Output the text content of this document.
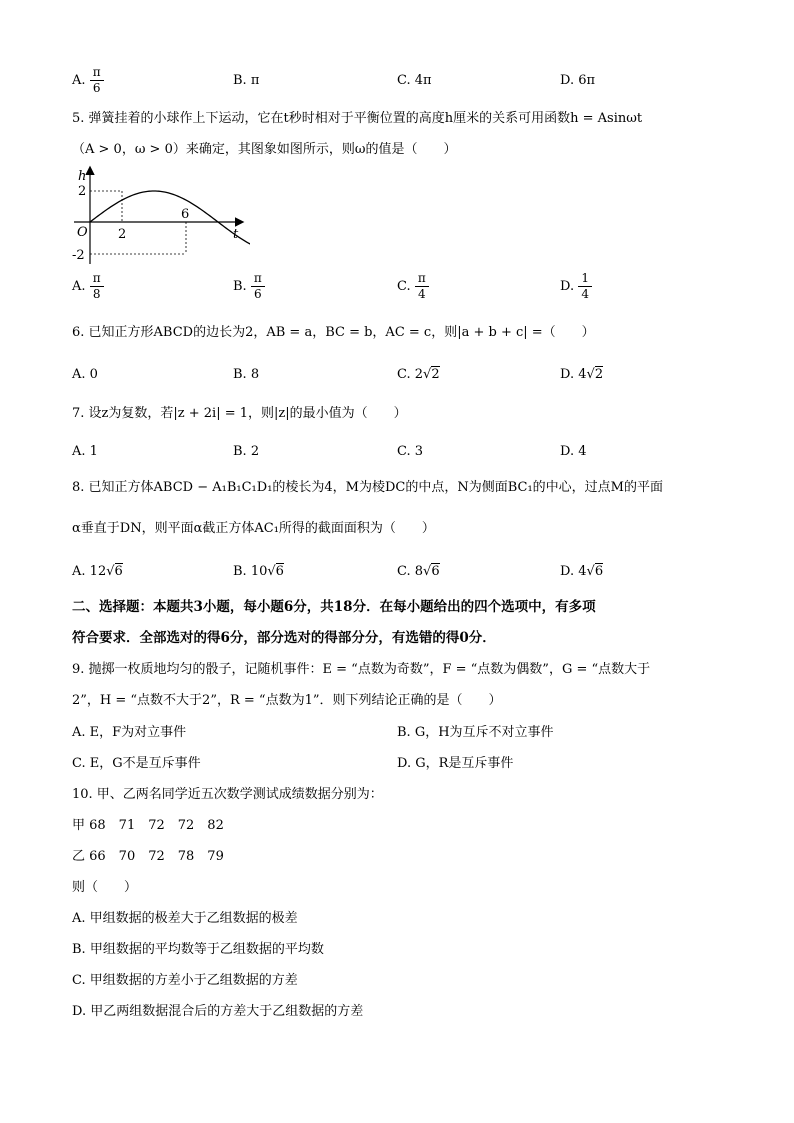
A. $\frac{\pi}{6}$	B. π	C. 4π	D. 6π
5. 弹簧挂着的小球作上下运动，它在t秒时相对于平衡位置的高度h厘米的关系可用函数h = Asinωt
（A > 0，ω > 0）来确定，其图象如图所示，则ω的值是（　　）
h
t
O
2
-2
2
6
A. $\frac{\pi}{8}$	B. $\frac{\pi}{6}$	C. $\frac{\pi}{4}$	D. $\frac{1}{4}$
6. 已知正方形ABCD的边长为2，AB = a，BC = b，AC = c，则|a + b + c| =（　　）
A. 0	B. 8	C. 2√2	D. 4√2
7. 设z为复数，若|z + 2i| = 1，则|z|的最小值为（　　）
A. 1	B. 2	C. 3	D. 4
8. 已知正方体ABCD − A₁B₁C₁D₁的棱长为4，M为棱DC的中点，N为侧面BC₁的中心，过点M的平面
α垂直于DN，则平面α截正方体AC₁所得的截面面积为（　　）
A. 12√6	B. 10√6	C. 8√6	D. 4√6
二、选择题：本题共3小题，每小题6分，共18分．在每小题给出的四个选项中，有多项
符合要求．全部选对的得6分，部分选对的得部分分，有选错的得0分．
9. 抛掷一枚质地均匀的骰子，记随机事件：E = “点数为奇数”，F = “点数为偶数”，G = “点数大于
2”，H = “点数不大于2”，R = “点数为1”．则下列结论正确的是（　　）
A. E，F为对立事件	B. G，H为互斥不对立事件
C. E，G不是互斥事件	D. G，R是互斥事件
10. 甲、乙两名同学近五次数学测试成绩数据分别为：
甲 68　71　72　72　82
乙 66　70　72　78　79
则（　　）
A. 甲组数据的极差大于乙组数据的极差
B. 甲组数据的平均数等于乙组数据的平均数
C. 甲组数据的方差小于乙组数据的方差
D. 甲乙两组数据混合后的方差大于乙组数据的方差
